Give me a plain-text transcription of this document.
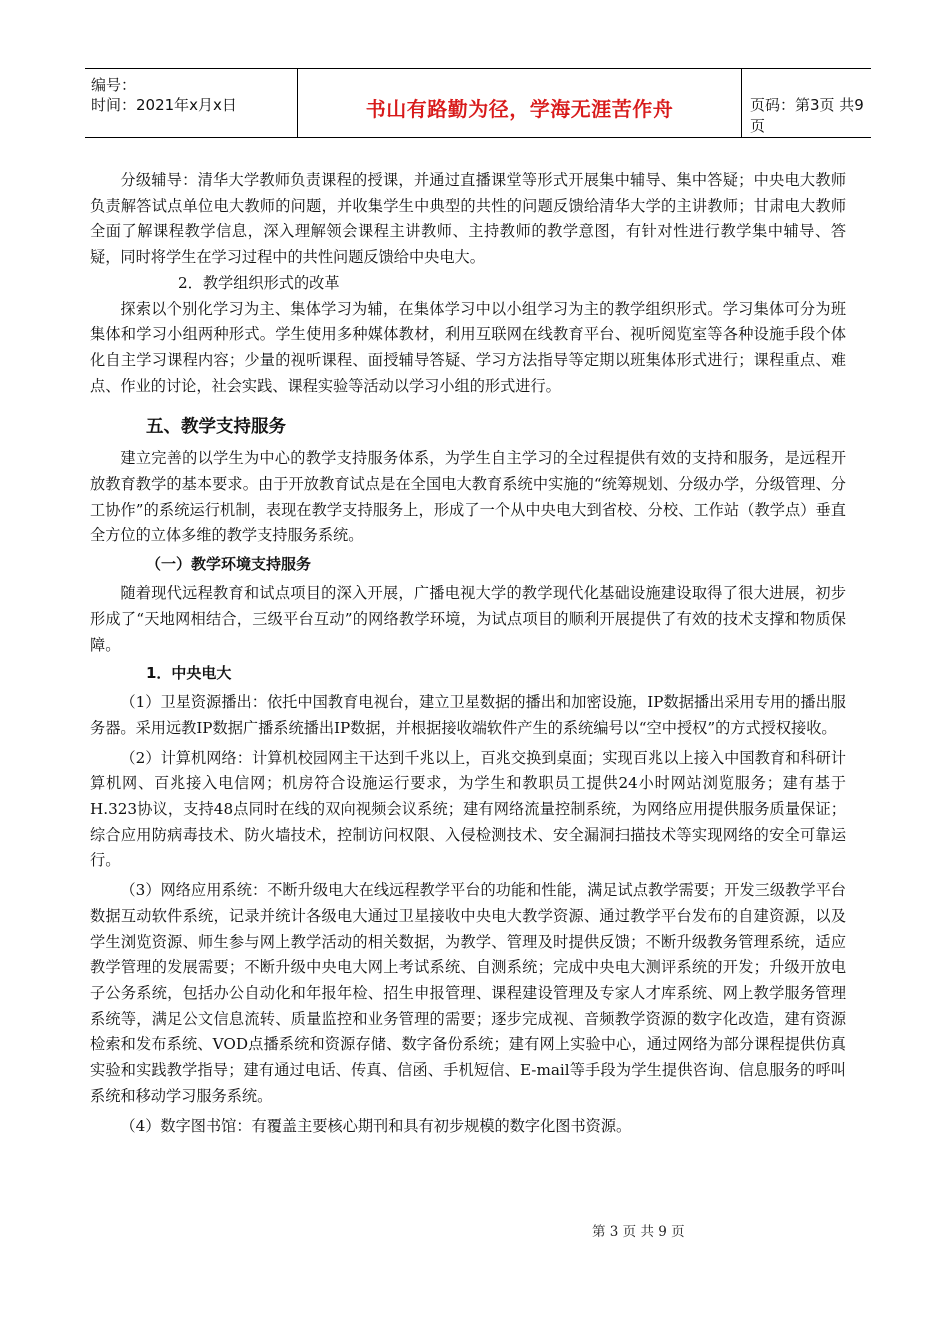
编号：
时间：2021年x月x日	书山有路勤为径，学海无涯苦作舟	页码：第3页 共9页

分级辅导：清华大学教师负责课程的授课，并通过直播课堂等形式开展集中辅导、集中答疑；中央电大教师负责解答试点单位电大教师的问题，并收集学生中典型的共性的问题反馈给清华大学的主讲教师；甘肃电大教师全面了解课程教学信息，深入理解领会课程主讲教师、主持教师的教学意图，有针对性进行教学集中辅导、答疑，同时将学生在学习过程中的共性问题反馈给中央电大。

2．教学组织形式的改革

探索以个别化学习为主、集体学习为辅，在集体学习中以小组学习为主的教学组织形式。学习集体可分为班集体和学习小组两种形式。学生使用多种媒体教材，利用互联网在线教育平台、视听阅览室等各种设施手段个体化自主学习课程内容；少量的视听课程、面授辅导答疑、学习方法指导等定期以班集体形式进行；课程重点、难点、作业的讨论，社会实践、课程实验等活动以学习小组的形式进行。

五、教学支持服务

建立完善的以学生为中心的教学支持服务体系，为学生自主学习的全过程提供有效的支持和服务，是远程开放教育教学的基本要求。由于开放教育试点是在全国电大教育系统中实施的“统筹规划、分级办学，分级管理、分工协作”的系统运行机制，表现在教学支持服务上，形成了一个从中央电大到省校、分校、工作站（教学点）垂直全方位的立体多维的教学支持服务系统。

（一）教学环境支持服务

随着现代远程教育和试点项目的深入开展，广播电视大学的教学现代化基础设施建设取得了很大进展，初步形成了“天地网相结合，三级平台互动”的网络教学环境，为试点项目的顺利开展提供了有效的技术支撑和物质保障。

1．中央电大

（1）卫星资源播出：依托中国教育电视台，建立卫星数据的播出和加密设施，IP数据播出采用专用的播出服务器。采用远教IP数据广播系统播出IP数据，并根据接收端软件产生的系统编号以“空中授权”的方式授权接收。

（2）计算机网络：计算机校园网主干达到千兆以上，百兆交换到桌面；实现百兆以上接入中国教育和科研计算机网、百兆接入电信网；机房符合设施运行要求，为学生和教职员工提供24小时网站浏览服务；建有基于H.323协议，支持48点同时在线的双向视频会议系统；建有网络流量控制系统，为网络应用提供服务质量保证；综合应用防病毒技术、防火墙技术，控制访问权限、入侵检测技术、安全漏洞扫描技术等实现网络的安全可靠运行。

（3）网络应用系统：不断升级电大在线远程教学平台的功能和性能，满足试点教学需要；开发三级教学平台数据互动软件系统，记录并统计各级电大通过卫星接收中央电大教学资源、通过教学平台发布的自建资源，以及学生浏览资源、师生参与网上教学活动的相关数据，为教学、管理及时提供反馈；不断升级教务管理系统，适应教学管理的发展需要；不断升级中央电大网上考试系统、自测系统；完成中央电大测评系统的开发；升级开放电子公务系统，包括办公自动化和年报年检、招生申报管理、课程建设管理及专家人才库系统、网上教学服务管理系统等，满足公文信息流转、质量监控和业务管理的需要；逐步完成视、音频教学资源的数字化改造，建有资源检索和发布系统、VOD点播系统和资源存储、数字备份系统；建有网上实验中心，通过网络为部分课程提供仿真实验和实践教学指导；建有通过电话、传真、信函、手机短信、E-mail等手段为学生提供咨询、信息服务的呼叫系统和移动学习服务系统。

（4）数字图书馆：有覆盖主要核心期刊和具有初步规模的数字化图书资源。

第 3 页 共 9 页
